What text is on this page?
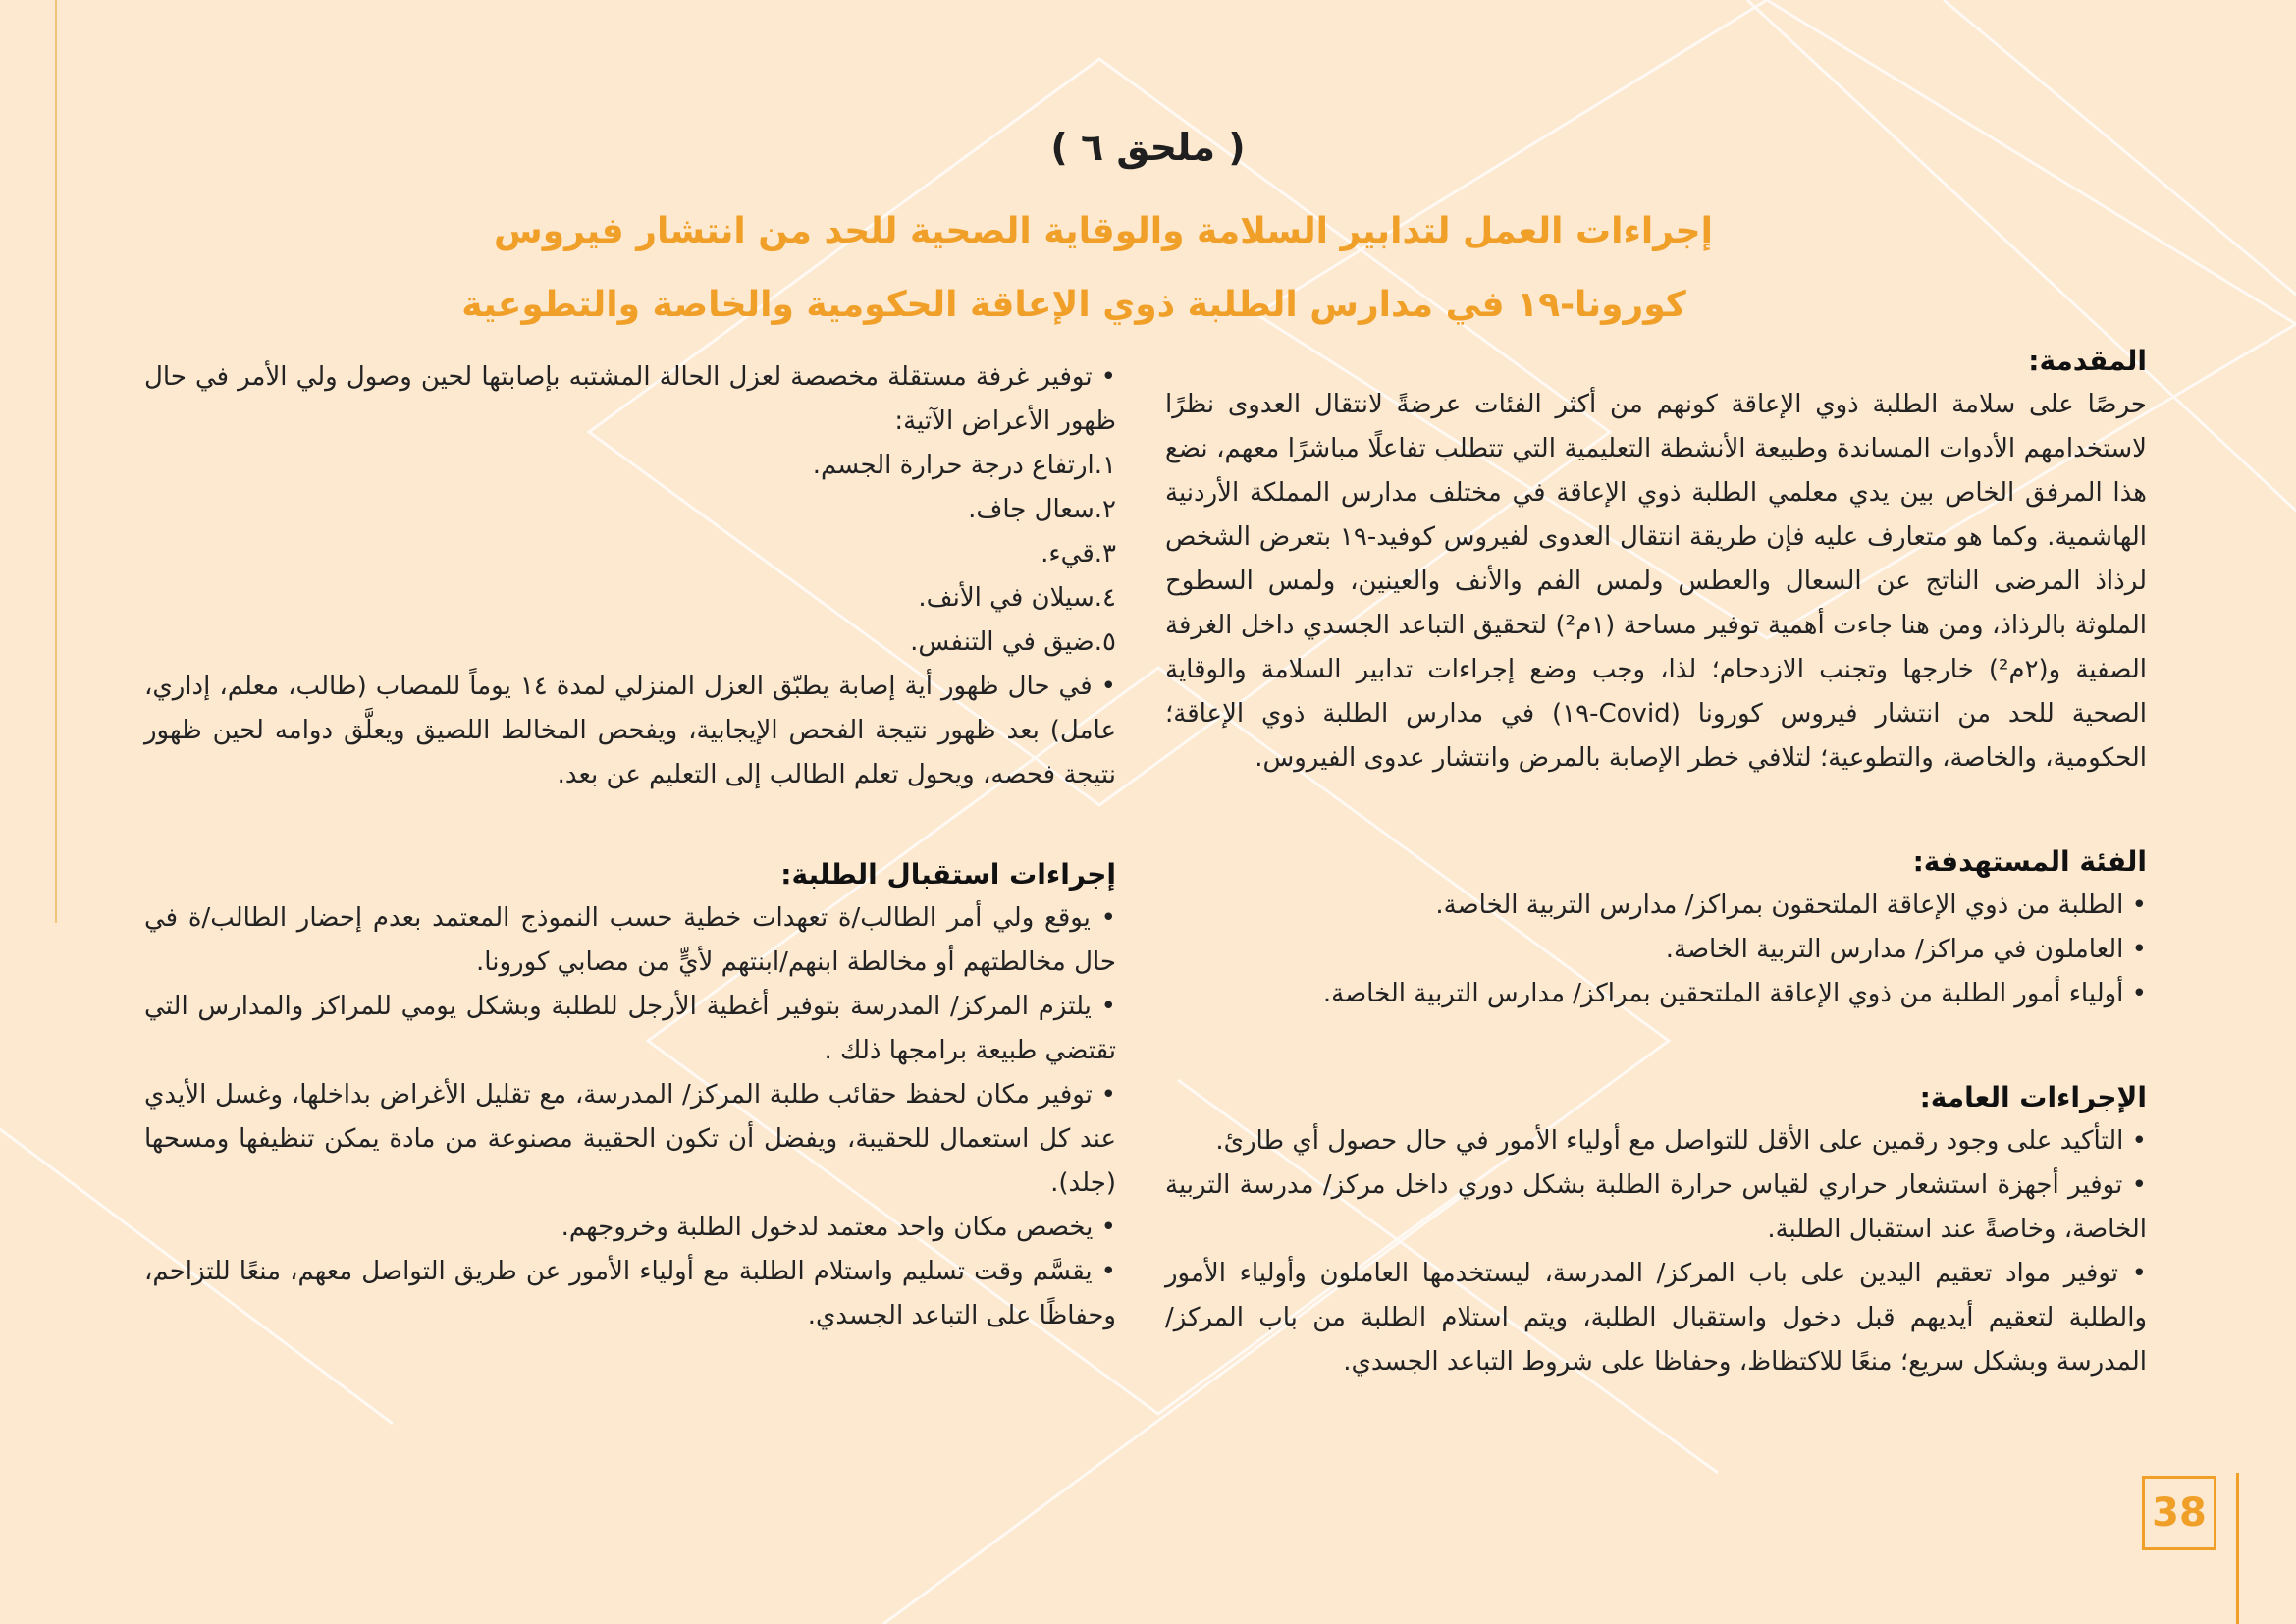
( ملحق ٦ )
إجراءات العمل لتدابير السلامة والوقاية الصحية للحد من انتشار فيروس
كورونا-١٩ في مدارس الطلبة ذوي الإعاقة الحكومية والخاصة والتطوعية

المقدمة:

حرصًا على سلامة الطلبة ذوي الإعاقة كونهم من أكثر الفئات عرضةً لانتقال العدوى نظرًا لاستخدامهم الأدوات المساندة وطبيعة الأنشطة التعليمية التي تتطلب تفاعلًا مباشرًا معهم، نضع هذا المرفق الخاص بين يدي معلمي الطلبة ذوي الإعاقة في مختلف مدارس المملكة الأردنية الهاشمية. وكما هو متعارف عليه فإن طريقة انتقال العدوى لفيروس كوفيد-١٩ بتعرض الشخص لرذاذ المرضى الناتج عن السعال والعطس ولمس الفم والأنف والعينين، ولمس السطوح الملوثة بالرذاذ، ومن هنا جاءت أهمية توفير مساحة (١م²) لتحقيق التباعد الجسدي داخل الغرفة الصفية و(٢م²) خارجها وتجنب الازدحام؛ لذا، وجب وضع إجراءات تدابير السلامة والوقاية الصحية للحد من انتشار فيروس كورونا (Covid-١٩) في مدارس الطلبة ذوي الإعاقة؛ الحكومية، والخاصة، والتطوعية؛ لتلافي خطر الإصابة بالمرض وانتشار عدوى الفيروس.

الفئة المستهدفة:

• الطلبة من ذوي الإعاقة الملتحقون بمراكز/ مدارس التربية الخاصة.

• العاملون في مراكز/ مدارس التربية الخاصة.

• أولياء أمور الطلبة من ذوي الإعاقة الملتحقين بمراكز/ مدارس التربية الخاصة.

الإجراءات العامة:

• التأكيد على وجود رقمين على الأقل للتواصل مع أولياء الأمور في حال حصول أي طارئ.

• توفير أجهزة استشعار حراري لقياس حرارة الطلبة بشكل دوري داخل مركز/ مدرسة التربية الخاصة، وخاصةً عند استقبال الطلبة.

• توفير مواد تعقيم اليدين على باب المركز/ المدرسة، ليستخدمها العاملون وأولياء الأمور والطلبة لتعقيم أيديهم قبل دخول واستقبال الطلبة، ويتم استلام الطلبة من باب المركز/ المدرسة وبشكل سريع؛ منعًا للاكتظاظ، وحفاظا على شروط التباعد الجسدي.

• توفير غرفة مستقلة مخصصة لعزل الحالة المشتبه بإصابتها لحين وصول ولي الأمر في حال ظهور الأعراض الآتية:

١.ارتفاع درجة حرارة الجسم.

٢.سعال جاف.

٣.قيء.

٤.سيلان في الأنف.

٥.ضيق في التنفس.

• في حال ظهور أية إصابة يطبّق العزل المنزلي لمدة ١٤ يوماً للمصاب (طالب، معلم، إداري، عامل) بعد ظهور نتيجة الفحص الإيجابية، ويفحص المخالط اللصيق ويعلَّق دوامه لحين ظهور نتيجة فحصه، ويحول تعلم الطالب إلى التعليم عن بعد.

إجراءات استقبال الطلبة:

• يوقع ولي أمر الطالب/ة تعهدات خطية حسب النموذج المعتمد بعدم إحضار الطالب/ة في حال مخالطتهم أو مخالطة ابنهم/ابنتهم لأيٍّ من مصابي كورونا.

• يلتزم المركز/ المدرسة بتوفير أغطية الأرجل للطلبة وبشكل يومي للمراكز والمدارس التي تقتضي طبيعة برامجها ذلك .

• توفير مكان لحفظ حقائب طلبة المركز/ المدرسة، مع تقليل الأغراض بداخلها، وغسل الأيدي عند كل استعمال للحقيبة، ويفضل أن تكون الحقيبة مصنوعة من مادة يمكن تنظيفها ومسحها (جلد).

• يخصص مكان واحد معتمد لدخول الطلبة وخروجهم.

• يقسَّم وقت تسليم واستلام الطلبة مع أولياء الأمور عن طريق التواصل معهم، منعًا للتزاحم، وحفاظًا على التباعد الجسدي.

38
